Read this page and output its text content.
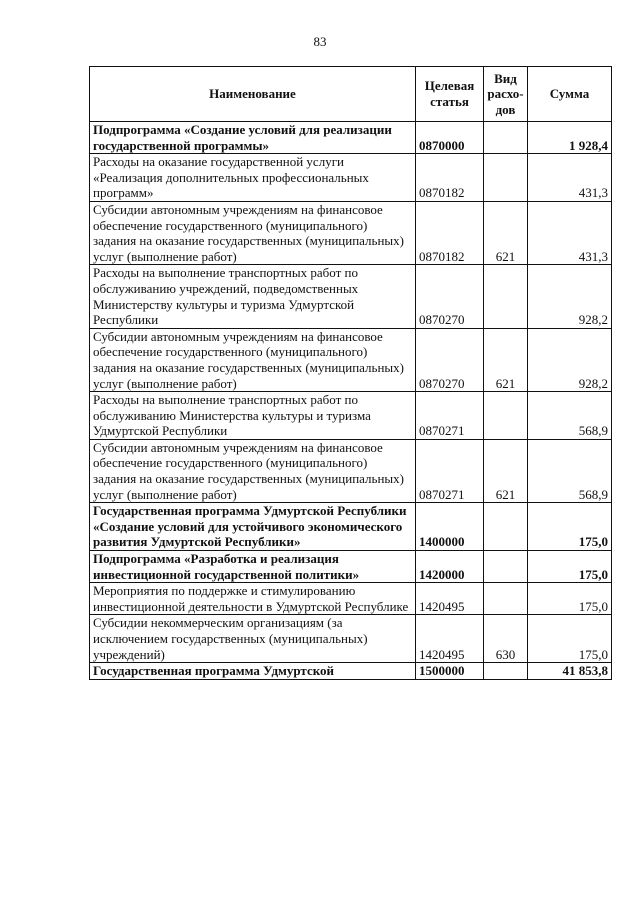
83
Наименование	Целевая статья	Вид расхо-дов	Сумма
Подпрограмма «Создание условий для реализации государственной программы»	0870000		1 928,4
Расходы на оказание государственной услуги «Реализация дополнительных профессиональных программ»	0870182		431,3
Субсидии автономным учреждениям на финансовое обеспечение государственного (муниципального) задания на оказание государственных (муниципальных) услуг (выполнение работ)	0870182	621	431,3
Расходы на выполнение транспортных работ по обслуживанию учреждений, подведомственных Министерству культуры и туризма Удмуртской Республики	0870270		928,2
Субсидии автономным учреждениям на финансовое обеспечение государственного (муниципального) задания на оказание государственных (муниципальных) услуг (выполнение работ)	0870270	621	928,2
Расходы на выполнение транспортных работ по обслуживанию Министерства культуры и туризма Удмуртской Республики	0870271		568,9
Субсидии автономным учреждениям на финансовое обеспечение государственного (муниципального) задания на оказание государственных (муниципальных) услуг (выполнение работ)	0870271	621	568,9
Государственная программа Удмуртской Республики «Создание условий для устойчивого экономического развития Удмуртской Республики»	1400000		175,0
Подпрограмма «Разработка и реализация инвестиционной государственной политики»	1420000		175,0
Мероприятия по поддержке и стимулированию инвестиционной деятельности в Удмуртской Республике	1420495		175,0
Субсидии некоммерческим организациям (за исключением государственных (муниципальных) учреждений)	1420495	630	175,0
Государственная программа Удмуртской	1500000		41 853,8
